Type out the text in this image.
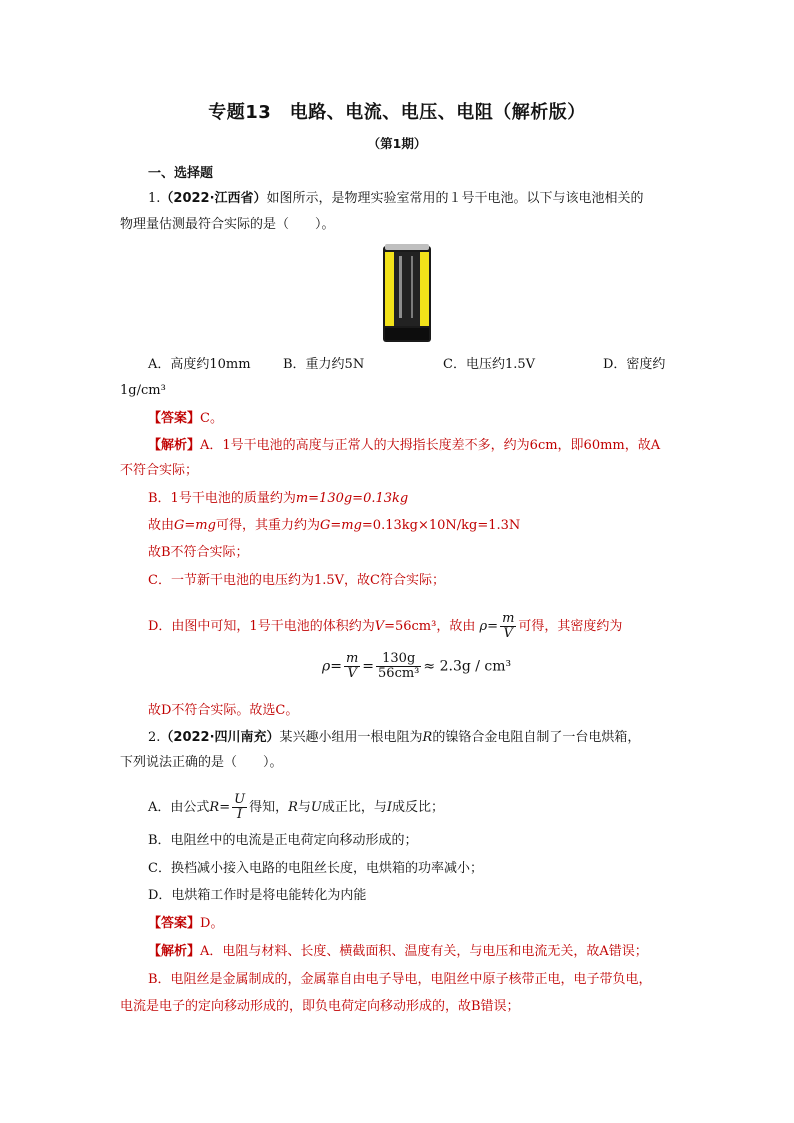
专题13　电路、电流、电压、电阻（解析版）
（第1期）
一、选择题
1.（2022·江西省）如图所示，是物理实验室常用的１号干电池。以下与该电池相关的
物理量估测最符合实际的是（　　）。
A．高度约10mm B．重力约5N	C．电压约1.5V	D．密度约
1g/cm³
【答案】C。
【解析】A．1号干电池的高度与正常人的大拇指长度差不多，约为6cm，即60mm，故A
不符合实际；
B．1号干电池的质量约为m=130g=0.13kg
故由G=mg可得，其重力约为G=mg=0.13kg×10N/kg=1.3N
故B不符合实际；
C．一节新干电池的电压约为1.5V，故C符合实际；
D．由图中可知，1号干电池的体积约为V=56cm³，故由 $\rho= \frac{m}{V}$ 可得，其密度约为
$\rho= \frac{m}{V} = \frac{130g}{\text{56cm³}} \approx 2.3g / cm^3$
故D不符合实际。故选C。
2.（2022·四川南充）某兴趣小组用一根电阻为R的镍铬合金电阻自制了一台电烘箱，
下列说法正确的是（　　）。
A．由公式$R= \frac{U}{I}$ 得知，R与U成正比，与I成反比；
B．电阻丝中的电流是正电荷定向移动形成的；
C．换档减小接入电路的电阻丝长度，电烘箱的功率减小；
D．电烘箱工作时是将电能转化为内能
【答案】D。
【解析】A．电阻与材料、长度、横截面积、温度有关，与电压和电流无关，故A错误；
B．电阻丝是金属制成的，金属靠自由电子导电，电阻丝中原子核带正电，电子带负电，
电流是电子的定向移动形成的，即负电荷定向移动形成的，故B错误；
